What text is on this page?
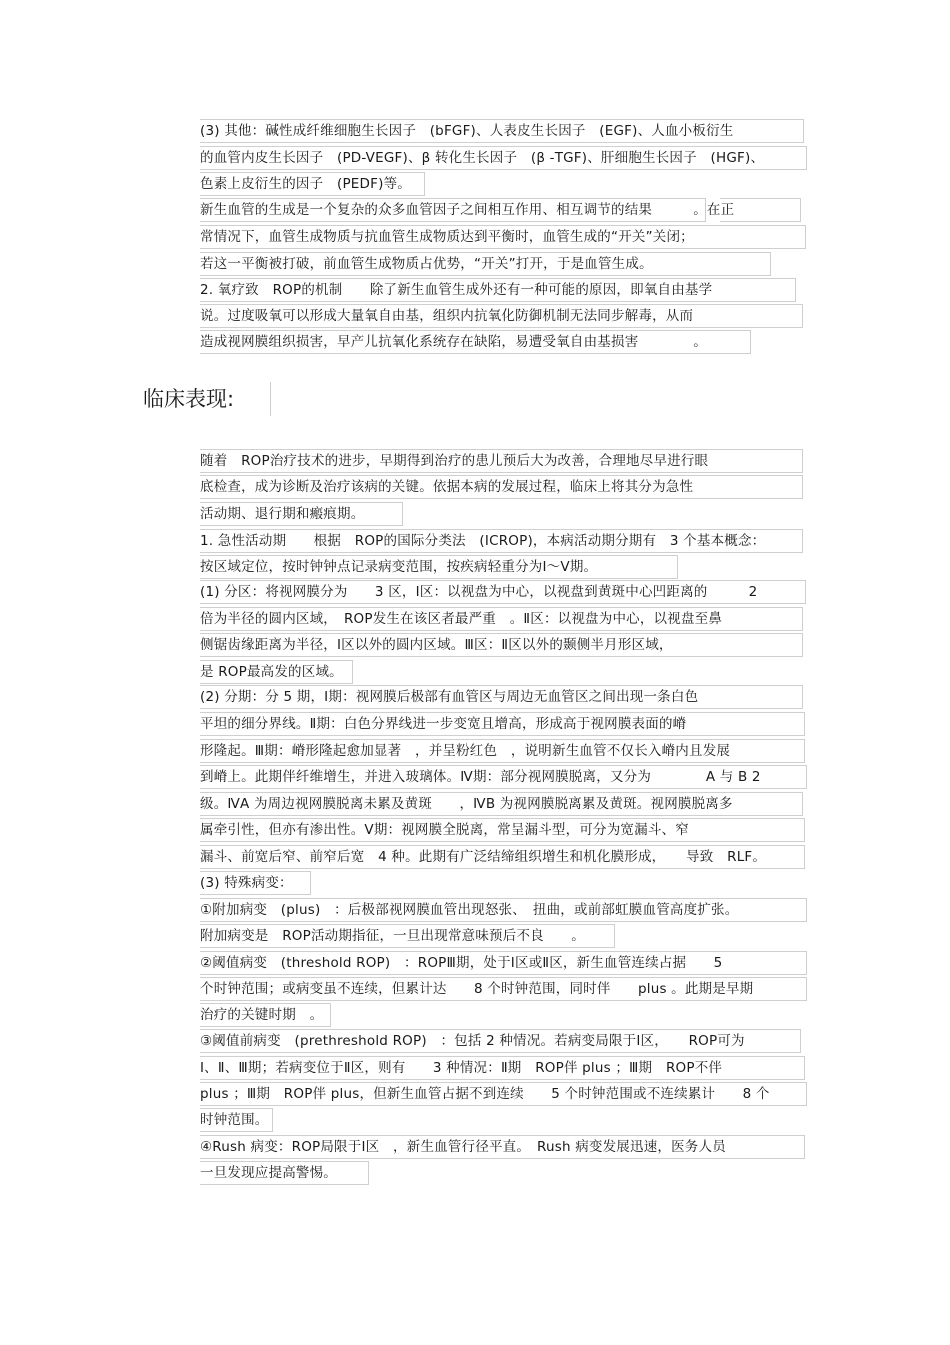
(3) 其他：碱性成纤维细胞生长因子　(bFGF)、人表皮生长因子　(EGF)、人血小板衍生
的血管内皮生长因子　(PD-VEGF)、β 转化生长因子　(β -TGF)、肝细胞生长因子　(HGF)、
色素上皮衍生的因子　(PEDF)等。
新生血管的生成是一个复杂的众多血管因子之间相互作用、相互调节的结果　　　。在正
常情况下，血管生成物质与抗血管生成物质达到平衡时，血管生成的“开关”关闭；
若这一平衡被打破，前血管生成物质占优势，“开关”打开，于是血管生成。
2. 氧疗致　ROP的机制　　除了新生血管生成外还有一种可能的原因，即氧自由基学
说。过度吸氧可以形成大量氧自由基，组织内抗氧化防御机制无法同步解毒，从而
造成视网膜组织损害，早产儿抗氧化系统存在缺陷，易遭受氧自由基损害　　　　。
临床表现:
随着　ROP治疗技术的进步，早期得到治疗的患儿预后大为改善，合理地尽早进行眼
底检查，成为诊断及治疗该病的关键。依据本病的发展过程，临床上将其分为急性
活动期、退行期和瘢痕期。
1. 急性活动期　　根据　ROP的国际分类法　(ICROP)，本病活动期分期有　3 个基本概念：
按区域定位，按时钟钟点记录病变范围，按疾病轻重分为Ⅰ～Ⅴ期。
(1) 分区：将视网膜分为　　3 区，Ⅰ区：以视盘为中心，以视盘到黄斑中心凹距离的　　　2
倍为半径的圆内区域，　ROP发生在该区者最严重　。Ⅱ区：以视盘为中心，以视盘至鼻
侧锯齿缘距离为半径，Ⅰ区以外的圆内区域。Ⅲ区：Ⅱ区以外的颞侧半月形区域，
是 ROP最高发的区域。
(2) 分期：分 5 期，Ⅰ期：视网膜后极部有血管区与周边无血管区之间出现一条白色
平坦的细分界线。Ⅱ期：白色分界线进一步变宽且增高，形成高于视网膜表面的嵴
形隆起。Ⅲ期：嵴形隆起愈加显著　，并呈粉红色　，说明新生血管不仅长入嵴内且发展
到嵴上。此期伴纤维增生，并进入玻璃体。Ⅳ期：部分视网膜脱离，又分为　　　　A 与 B 2
级。ⅣA 为周边视网膜脱离未累及黄斑　　，ⅣB 为视网膜脱离累及黄斑。视网膜脱离多
属牵引性，但亦有渗出性。Ⅴ期：视网膜全脱离，常呈漏斗型，可分为宽漏斗、窄
漏斗、前宽后窄、前窄后宽　4 种。此期有广泛结缔组织增生和机化膜形成，　　导致　RLF。
(3) 特殊病变：
①附加病变　(plus)　：后极部视网膜血管出现怒张、　扭曲，或前部虹膜血管高度扩张。
附加病变是　ROP活动期指征，一旦出现常意味预后不良　　。
②阈值病变　(threshold ROP)　：ROPⅢ期，处于Ⅰ区或Ⅱ区，新生血管连续占据　　5
个时钟范围；或病变虽不连续，但累计达　　8 个时钟范围，同时伴　　plus 。此期是早期
治疗的关键时期　。
③阈值前病变　(prethreshold ROP)　：包括 2 种情况。若病变局限于Ⅰ区，　　ROP可为
Ⅰ、Ⅱ、Ⅲ期；若病变位于Ⅱ区，则有　　3 种情况：Ⅱ期　ROP伴 plus ；Ⅲ期　ROP不伴
plus ；Ⅲ期　ROP伴 plus，但新生血管占据不到连续　　5 个时钟范围或不连续累计　　8 个
时钟范围。
④Rush 病变：ROP局限于Ⅰ区　，新生血管行径平直。　Rush 病变发展迅速，医务人员
一旦发现应提高警惕。
